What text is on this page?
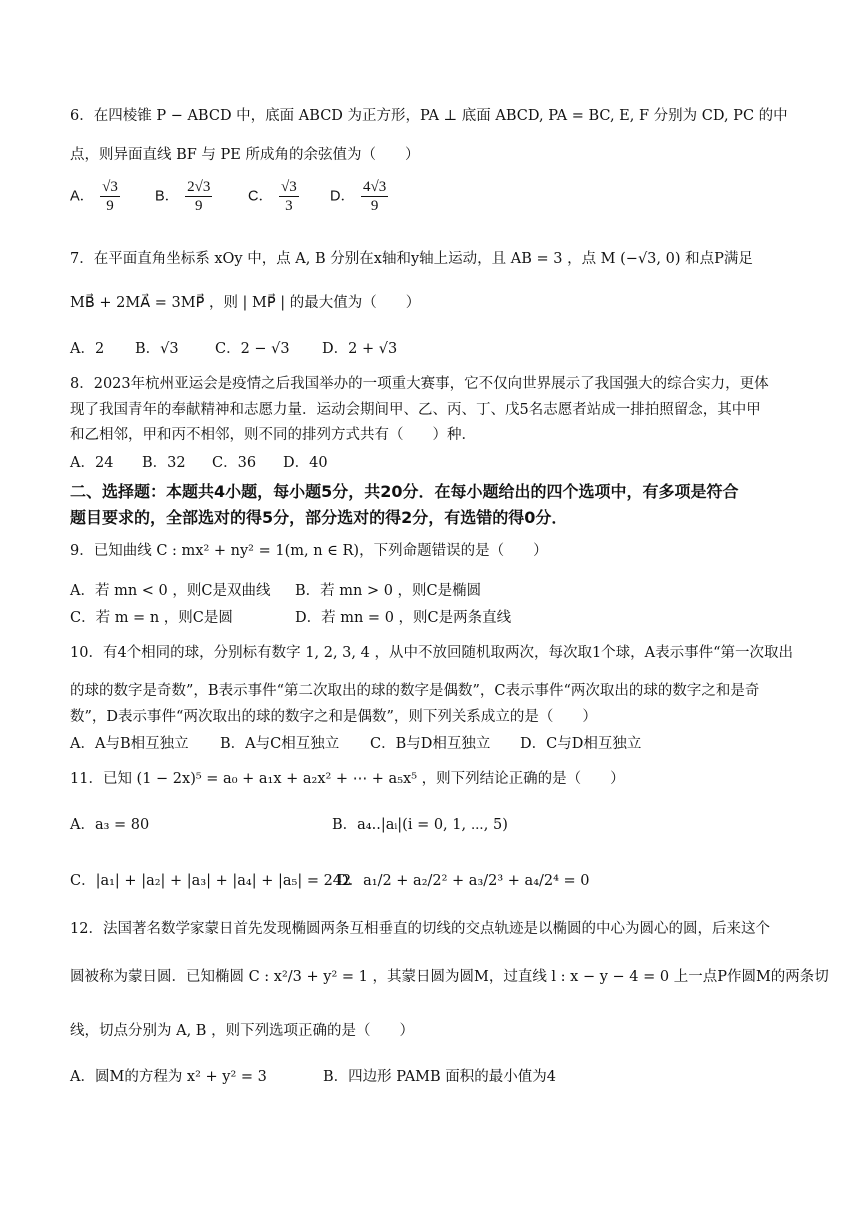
6．在四棱锥 P − ABCD 中，底面 ABCD 为正方形，PA ⊥ 底面 ABCD, PA = BC, E, F 分别为 CD, PC 的中
点，则异面直线 BF 与 PE 所成角的余弦值为（　　）
A． $\frac{√3}{9}$ B． $\frac{2√3}{9}$ C． $\frac{√3}{3}$ D． $\frac{4√3}{9}$
7．在平面直角坐标系 xOy 中，点 A, B 分别在x轴和y轴上运动，且 AB = 3 ，点 M (−√3, 0) 和点P满足
MB⃗ + 2MA⃗ = 3MP⃗ ，则 | MP⃗ | 的最大值为（　　）
A．2 B．√3	C．2 − √3 D．2 + √3
8．2023年杭州亚运会是疫情之后我国举办的一项重大赛事，它不仅向世界展示了我国强大的综合实力，更体
现了我国青年的奉献精神和志愿力量．运动会期间甲、乙、丙、丁、戊5名志愿者站成一排拍照留念，其中甲
和乙相邻，甲和丙不相邻，则不同的排列方式共有（　　）种．
A．24 B．32 C．36 D．40
二、选择题：本题共4小题，每小题5分，共20分．在每小题给出的四个选项中，有多项是符合
题目要求的，全部选对的得5分，部分选对的得2分，有选错的得0分．
9．已知曲线 C : mx² + ny² = 1(m, n ∈ R)，下列命题错误的是（　　）
A．若 mn < 0 ，则C是双曲线 B．若 mn > 0 ，则C是椭圆
C．若 m = n ，则C是圆	D．若 mn = 0 ，则C是两条直线
10．有4个相同的球，分别标有数字 1, 2, 3, 4 ，从中不放回随机取两次，每次取1个球，A表示事件“第一次取出
的球的数字是奇数”，B表示事件“第二次取出的球的数字是偶数”，C表示事件“两次取出的球的数字之和是奇
数”，D表示事件“两次取出的球的数字之和是偶数”，则下列关系成立的是（　　）
A．A与B相互独立 B．A与C相互独立 C．B与D相互独立 D．C与D相互独立
11．已知 (1 − 2x)⁵ = a₀ + a₁x + a₂x² + ⋯ + a₅x⁵ ，则下列结论正确的是（　　）
A．a₃ = 80	B．a₄..|aᵢ|(i = 0, 1, ⋯, 5)
C．|a₁| + |a₂| + |a₃| + |a₄| + |a₅| = 242
D．a₁/2 + a₂/2² + a₃/2³ + a₄/2⁴ = 0
12．法国著名数学家蒙日首先发现椭圆两条互相垂直的切线的交点轨迹是以椭圆的中心为圆心的圆，后来这个
圆被称为蒙日圆．已知椭圆 C : x²/3 + y² = 1 ，其蒙日圆为圆M，过直线 l : x − y − 4 = 0 上一点P作圆M的两条切
线，切点分别为 A, B ，则下列选项正确的是（　　）
A．圆M的方程为 x² + y² = 3	B．四边形 PAMB 面积的最小值为4
